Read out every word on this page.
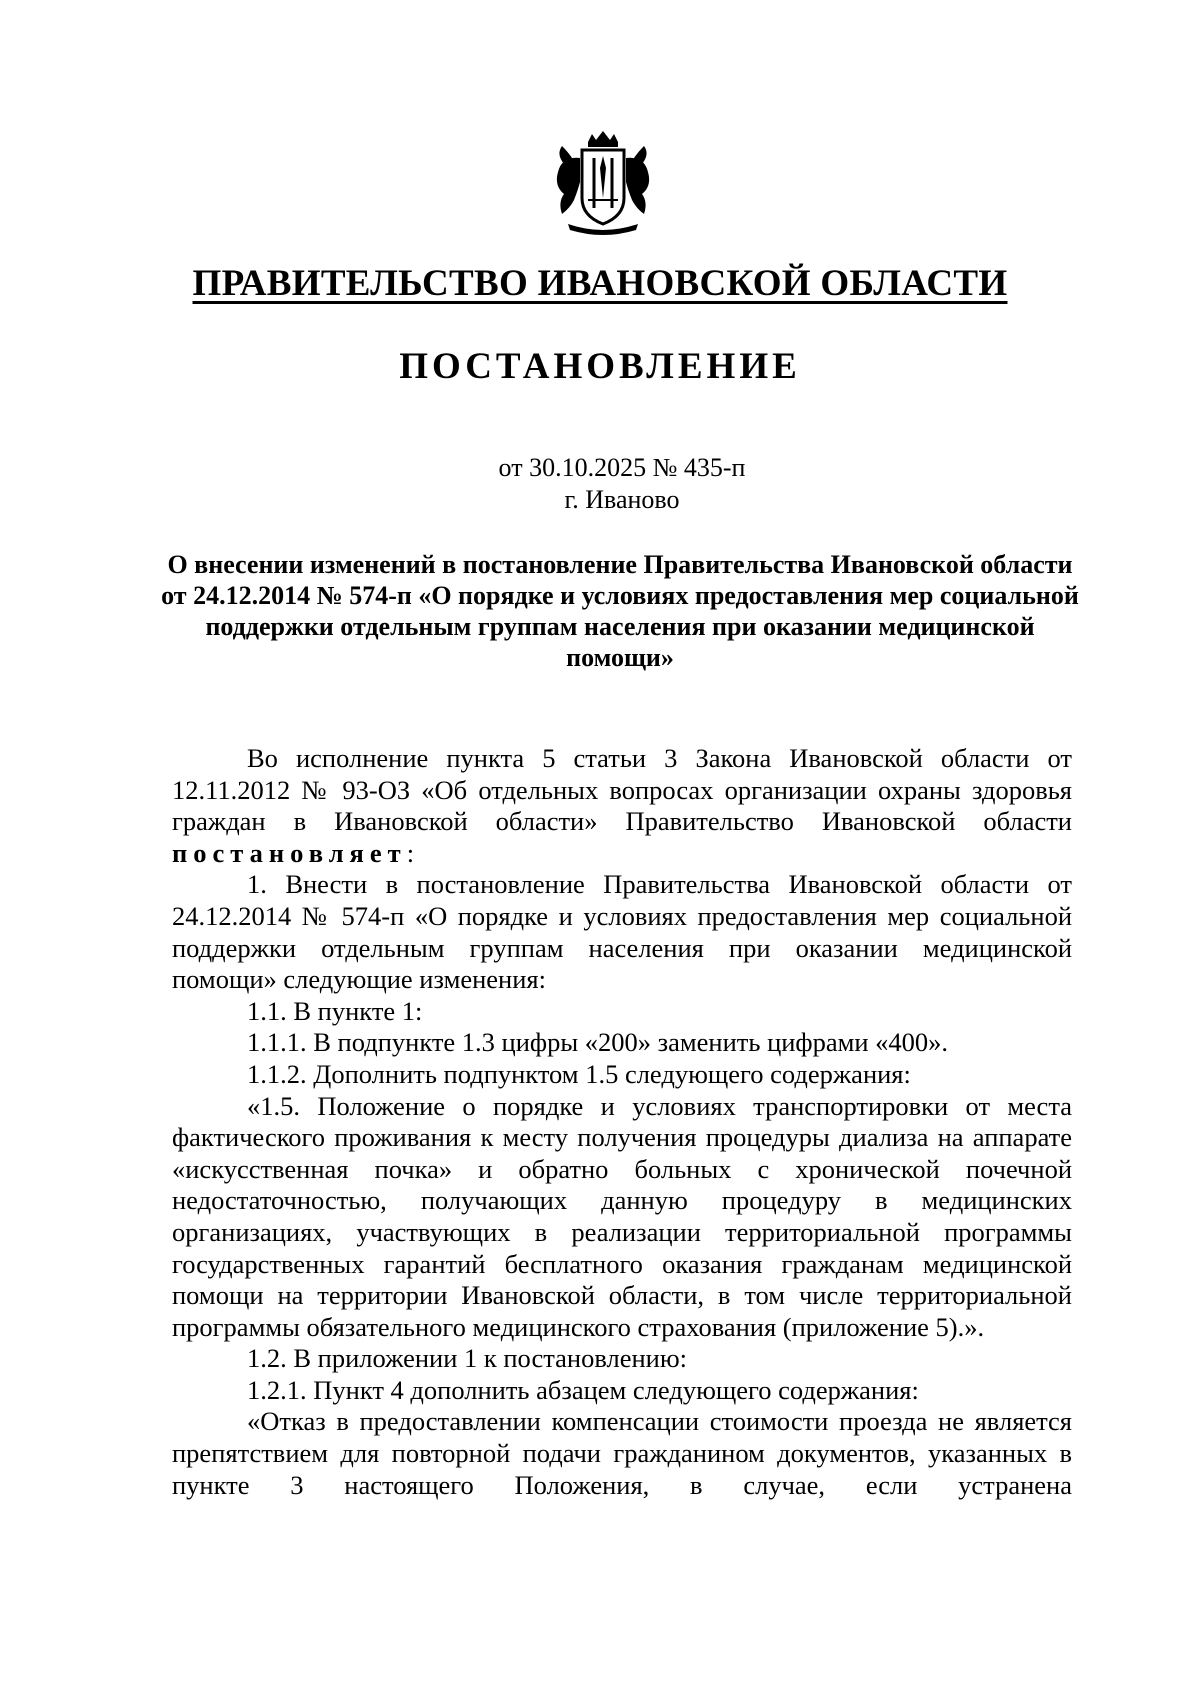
ПРАВИТЕЛЬСТВО ИВАНОВСКОЙ ОБЛАСТИ
ПОСТАНОВЛЕНИЕ
от 30.10.2025 № 435-п
г. Иваново
О внесении изменений в постановление Правительства Ивановской области от 24.12.2014 № 574-п «О порядке и условиях предоставления мер социальной поддержки отдельным группам населения при оказании медицинской помощи»

Во исполнение пункта 5 статьи 3 Закона Ивановской области от 12.11.2012 № 93-ОЗ «Об отдельных вопросах организации охраны здоровья граждан в Ивановской области» Правительство Ивановской области постановляет:

1. Внести в постановление Правительства Ивановской области от 24.12.2014 № 574-п «О порядке и условиях предоставления мер социальной поддержки отдельным группам населения при оказании медицинской помощи» следующие изменения:

1.1. В пункте 1:

1.1.1. В подпункте 1.3 цифры «200» заменить цифрами «400».

1.1.2. Дополнить подпунктом 1.5 следующего содержания:

«1.5. Положение о порядке и условиях транспортировки от места фактического проживания к месту получения процедуры диализа на аппарате «искусственная почка» и обратно больных с хронической почечной недостаточностью, получающих данную процедуру в медицинских организациях, участвующих в реализации территориальной программы государственных гарантий бесплатного оказания гражданам медицинской помощи на территории Ивановской области, в том числе территориальной программы обязательного медицинского страхования (приложение 5).».

1.2. В приложении 1 к постановлению:

1.2.1. Пункт 4 дополнить абзацем следующего содержания:

«Отказ в предоставлении компенсации стоимости проезда не является препятствием для повторной подачи гражданином документов, указанных в пункте 3 настоящего Положения, в случае, если устранена
